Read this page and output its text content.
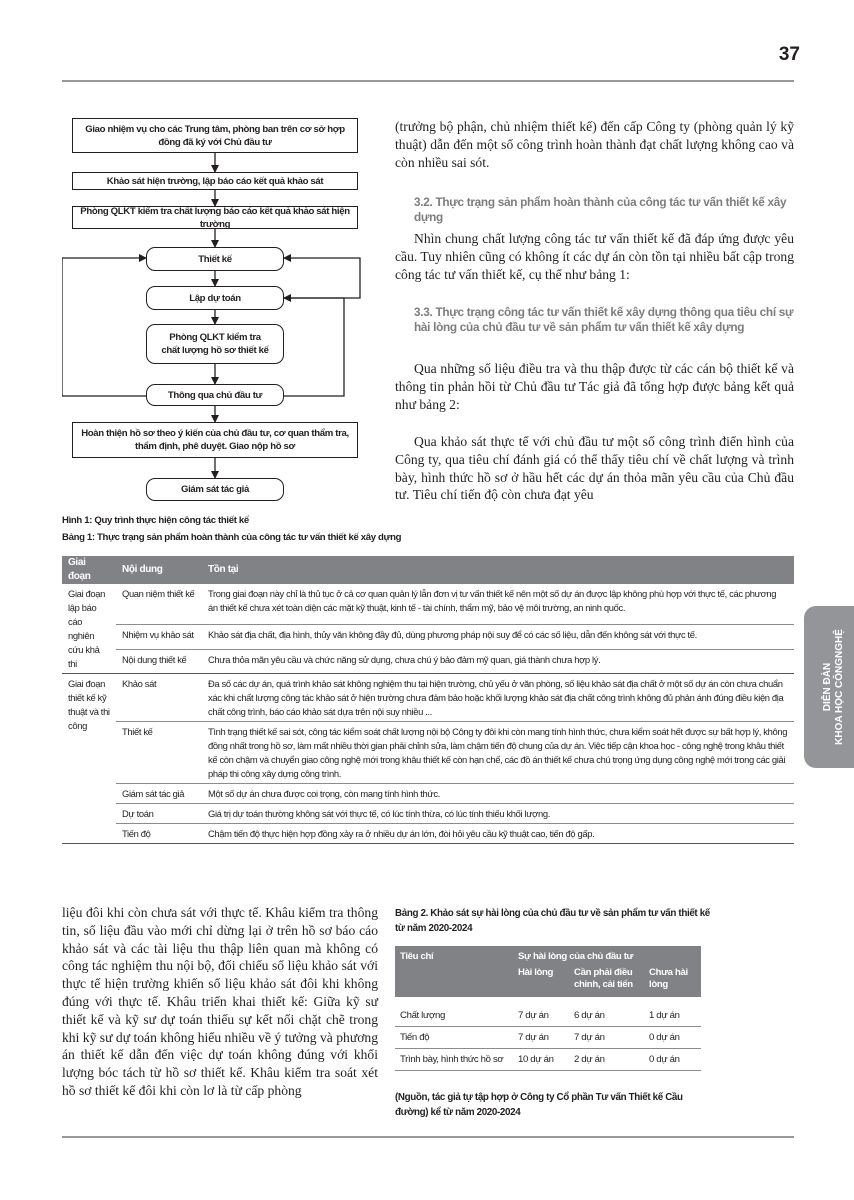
37
Giao nhiệm vụ cho các Trung tâm, phòng ban trên cơ sở hợp đồng đã ký với Chủ đầu tư
Khảo sát hiện trường, lập báo cáo kết quả khảo sát
Phòng QLKT kiểm tra chất lượng báo cáo kết quả khảo sát hiện trường
Thiết kế
Lập dự toán
Phòng QLKT kiểm tra chất lượng hồ sơ thiết kế
Thông qua chủ đầu tư
Hoàn thiện hồ sơ theo ý kiến của chủ đầu tư, cơ quan thẩm tra, thẩm định, phê duyệt. Giao nộp hồ sơ
Giám sát tác giả

Hình 1: Quy trình thực hiện công tác thiết kế

Bảng 1: Thực trạng sản phẩm hoàn thành của công tác tư vấn thiết kế xây dựng

(trưởng bộ phận, chủ nhiệm thiết kế) đến cấp Công ty (phòng quản lý kỹ thuật) dẫn đến một số công trình hoàn thành đạt chất lượng không cao và còn nhiều sai sót.

3.2. Thực trạng sản phẩm hoàn thành của công tác tư vấn thiết kế xây dựng

Nhìn chung chất lượng công tác tư vấn thiết kế đã đáp ứng được yêu cầu. Tuy nhiên cũng có không ít các dự án còn tồn tại nhiều bất cập trong công tác tư vấn thiết kế, cụ thể như bảng 1:

3.3. Thực trạng công tác tư vấn thiết kế xây dựng thông qua tiêu chí sự hài lòng của chủ đầu tư về sản phẩm tư vấn thiết kế xây dựng

Qua những số liệu điều tra và thu thập được từ các cán bộ thiết kế và thông tin phản hồi từ Chủ đầu tư Tác giả đã tổng hợp được bảng kết quả như bảng 2:

Qua khảo sát thực tế với chủ đầu tư một số công trình điển hình của Công ty, qua tiêu chí đánh giá có thể thấy tiêu chí về chất lượng và trình bày, hình thức hồ sơ ở hầu hết các dự án thỏa mãn yêu cầu của Chủ đầu tư. Tiêu chí tiến độ còn chưa đạt yêu

Giai đoạn	Nội dung	Tồn tại
Giai đoạn lập báo cáo nghiên cứu khả thi	Quan niệm thiết kế	Trong giai đoạn này chỉ là thủ tục ở cả cơ quan quản lý lẫn đơn vị tư vấn thiết kế nên một số dự án được lập không phù hợp với thực tế, các phương án thiết kế chưa xét toàn diện các mặt kỹ thuật, kinh tế - tài chính, thẩm mỹ, bảo vệ môi trường, an ninh quốc.
	Nhiệm vụ khảo sát	Khảo sát địa chất, địa hình, thủy văn không đầy đủ, dùng phương pháp nội suy để có các số liệu, dẫn đến không sát với thực tế.
	Nội dung thiết kế	Chưa thỏa mãn yêu cầu và chức năng sử dụng, chưa chú ý bảo đảm mỹ quan, giá thành chưa hợp lý.
Giai đoạn thiết kế kỹ thuật và thi công	Khảo sát	Đa số các dự án, quá trình khảo sát không nghiệm thu tại hiện trường, chủ yếu ở văn phòng, số liệu khảo sát địa chất ở một số dự án còn chưa chuẩn xác khi chất lượng công tác khảo sát ở hiện trường chưa đảm bảo hoặc khối lượng khảo sát địa chất công trình không đủ phản ánh đúng điều kiện địa chất công trình, báo cáo khảo sát dựa trên nội suy nhiều ...
	Thiết kế	Tình trạng thiết kế sai sót, công tác kiểm soát chất lượng nội bộ Công ty đôi khi còn mang tính hình thức, chưa kiểm soát hết được sự bất hợp lý, không đồng nhất trong hồ sơ, làm mất nhiều thời gian phải chỉnh sửa, làm chậm tiến độ chung của dự án. Việc tiếp cận khoa học - công nghệ trong khâu thiết kế còn chậm và chuyển giao công nghệ mới trong khâu thiết kế còn hạn chế, các đồ án thiết kế chưa chú trọng ứng dụng công nghệ mới trong các giải pháp thi công xây dựng công trình.
	Giám sát tác giả	Một số dự án chưa được coi trọng, còn mang tính hình thức.
	Dự toán	Giá trị dự toán thường không sát với thực tế, có lúc tính thừa, có lúc tính thiếu khối lượng.
	Tiến độ	Chậm tiến độ thực hiện hợp đồng xảy ra ở nhiều dự án lớn, đòi hỏi yêu cầu kỹ thuật cao, tiến độ gấp.

liệu đôi khi còn chưa sát với thực tế. Khâu kiểm tra thông tin, số liệu đầu vào mới chỉ dừng lại ở trên hồ sơ báo cáo khảo sát và các tài liệu thu thập liên quan mà không có công tác nghiệm thu nội bộ, đối chiếu số liệu khảo sát với thực tế hiện trường khiến số liệu khảo sát đôi khi không đúng với thực tế. Khâu triển khai thiết kế: Giữa kỹ sư thiết kế và kỹ sư dự toán thiếu sự kết nối chặt chẽ trong khi kỹ sư dự toán không hiểu nhiều về ý tưởng và phương án thiết kế dẫn đến việc dự toán không đúng với khối lượng bóc tách từ hồ sơ thiết kế. Khâu kiểm tra soát xét hồ sơ thiết kế đôi khi còn lơ là từ cấp phòng

Bảng 2. Khảo sát sự hài lòng của chủ đầu tư về sản phẩm tư vấn thiết kế từ năm 2020-2024

Tiêu chí	Sự hài lòng của chủ đầu tư		
	Hài lòng	Cần phải điều chỉnh, cải tiến	Chưa hài lòng

Chất lượng	7 dự án	6 dự án	1 dự án
Tiến độ	7 dự án	7 dự án	0 dự án
Trình bày, hình thức hồ sơ	10 dự án	2 dự án	0 dự án

(Nguồn, tác giả tự tập hợp ở Công ty Cổ phần Tư vấn Thiết kế Cầu đường) kể từ năm 2020-2024

DIỄN ĐÀN
KHOA HỌC CÔNGNGHỆ
